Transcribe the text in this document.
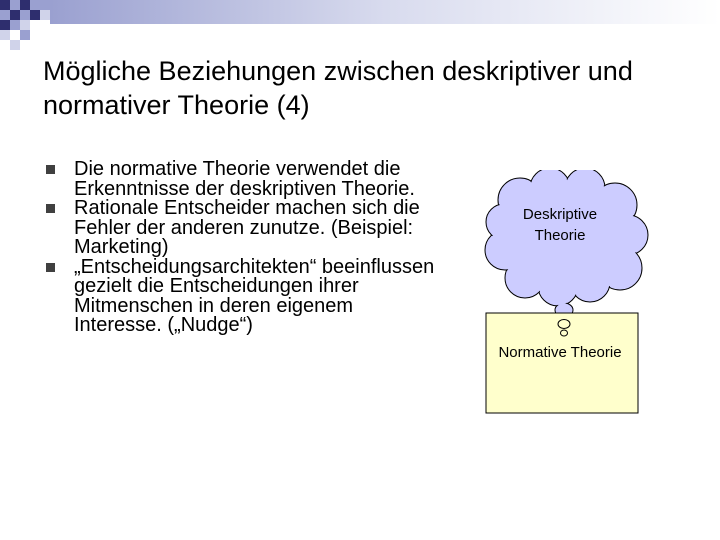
Mögliche Beziehungen zwischen deskriptiver und normativer Theorie (4)
Die normative Theorie verwendet die Erkenntnisse der deskriptiven Theorie.
Rationale Entscheider machen sich die Fehler der anderen zunutze. (Beispiel: Marketing)
„Entscheidungsarchitekten“ beeinflussen gezielt die Entscheidungen ihrer Mitmenschen in deren eigenem Interesse. („Nudge“)
Deskriptive Theorie
Normative Theorie
